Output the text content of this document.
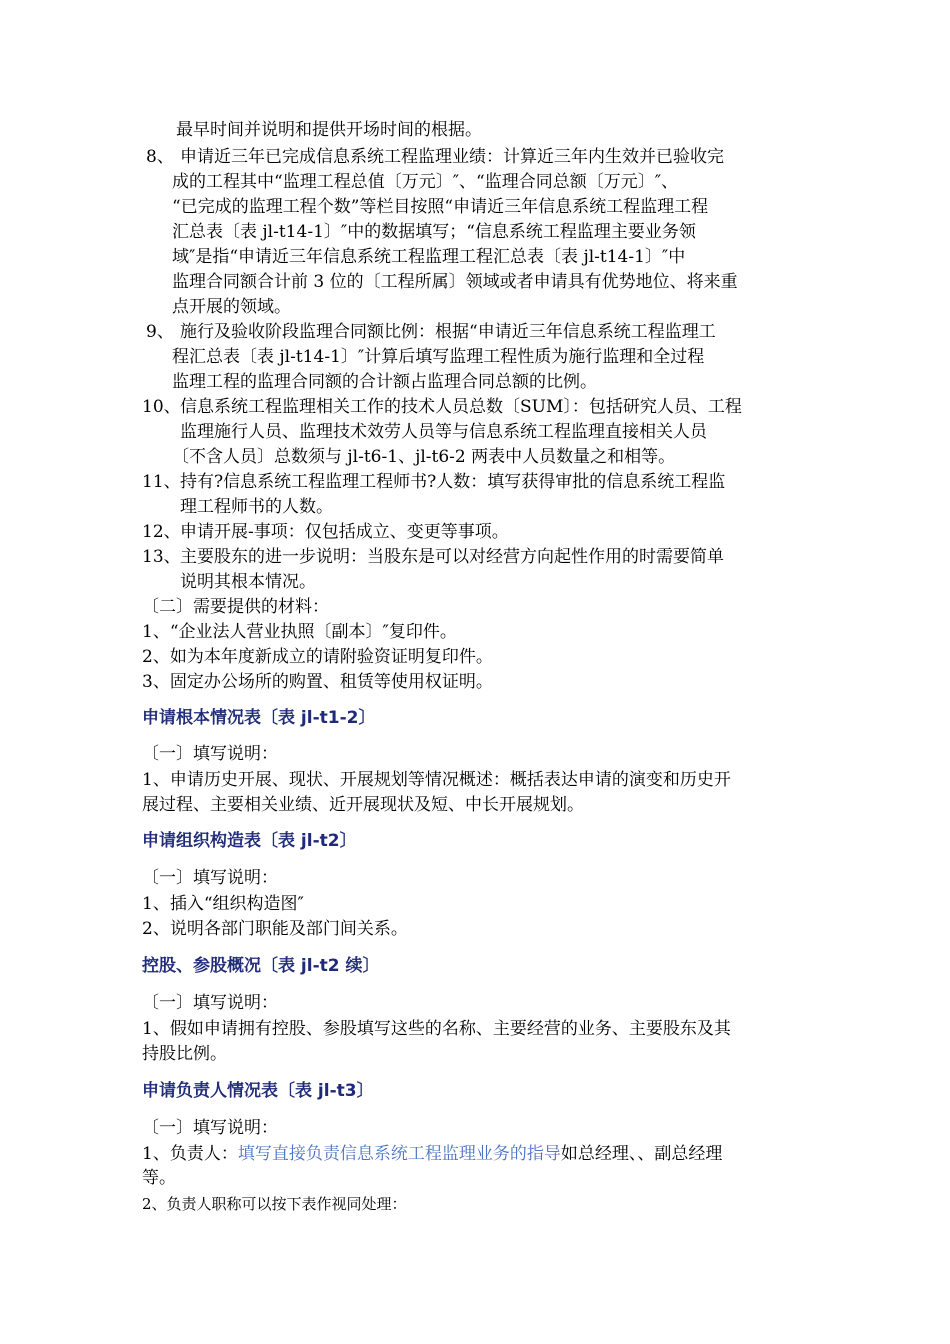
最早时间并说明和提供开场时间的根据。
8、 申请近三年已完成信息系统工程监理业绩：计算近三年内生效并已验收完
成的工程其中“监理工程总值〔万元〕″、“监理合同总额〔万元〕″、
“已完成的监理工程个数”等栏目按照“申请近三年信息系统工程监理工程
汇总表〔表 jl-t14-1〕″中的数据填写；“信息系统工程监理主要业务领
域″是指“申请近三年信息系统工程监理工程汇总表〔表 jl-t14-1〕″中
监理合同额合计前 3 位的〔工程所属〕领域或者申请具有优势地位、将来重
点开展的领域。
9、 施行及验收阶段监理合同额比例：根据“申请近三年信息系统工程监理工
程汇总表〔表 jl-t14-1〕″计算后填写监理工程性质为施行监理和全过程
监理工程的监理合同额的合计额占监理合同总额的比例。
10、 信息系统工程监理相关工作的技术人员总数〔SUM〕：包括研究人员、工程
监理施行人员、监理技术效劳人员等与信息系统工程监理直接相关人员
〔不含人员〕总数须与 jl-t6-1、jl-t6-2 两表中人员数量之和相等。
11、 持有?信息系统工程监理工程师书?人数：填写获得审批的信息系统工程监
理工程师书的人数。
12、 申请开展-事项：仅包括成立、变更等事项。
13、 主要股东的进一步说明：当股东是可以对经营方向起性作用的时需要简单
说明其根本情况。
〔二〕需要提供的材料：
1、“企业法人营业执照〔副本〕″复印件。
2、如为本年度新成立的请附验资证明复印件。
3、固定办公场所的购置、租赁等使用权证明。
申请根本情况表〔表 jl-t1-2〕
〔一〕填写说明：
1、申请历史开展、现状、开展规划等情况概述：概括表达申请的演变和历史开
展过程、主要相关业绩、近开展现状及短、中长开展规划。
申请组织构造表〔表 jl-t2〕
〔一〕填写说明：
1、插入“组织构造图″
2、说明各部门职能及部门间关系。
控股、参股概况〔表 jl-t2 续〕
〔一〕填写说明：
1、假如申请拥有控股、参股填写这些的名称、主要经营的业务、主要股东及其
持股比例。
申请负责人情况表〔表 jl-t3〕
〔一〕填写说明：
1、负责人：填写直接负责信息系统工程监理业务的指导如总经理、、副总经理
等。
2、负责人职称可以按下表作视同处理：
